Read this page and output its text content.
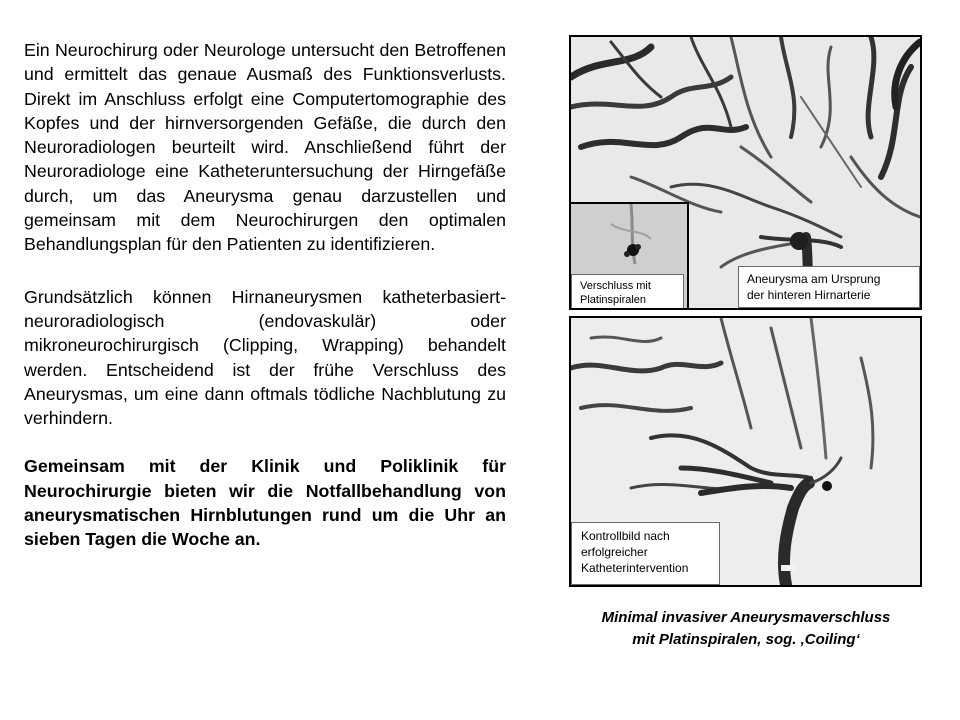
Ein Neurochirurg oder Neurologe untersucht den Betroffenen und ermittelt das genaue Ausmaß des Funktionsverlusts. Direkt im Anschluss erfolgt eine Computertomographie des Kopfes und der hirnversorgenden Gefäße, die durch den Neuroradiologen beurteilt wird. Anschließend führt der Neuroradiologe eine Katheteruntersuchung der Hirngefäße durch, um das Aneurysma genau darzustellen und gemeinsam mit dem Neurochirurgen den optimalen Behandlungsplan für den Patienten zu identifizieren.

Grundsätzlich können Hirnaneurysmen katheterbasiert-neuroradiologisch (endovaskulär) oder mikroneurochirurgisch (Clipping, Wrapping) behandelt werden. Entscheidend ist der frühe Verschluss des Aneurysmas, um eine dann oftmals tödliche Nachblutung zu verhindern.

Gemeinsam mit der Klinik und Poliklinik für Neurochirurgie bieten wir die Notfallbehandlung von aneurysmatischen Hirnblutungen rund um die Uhr an sieben Tagen die Woche an.

Verschluss mit
Platinspiralen
Aneurysma am Ursprung
der hinteren Hirnarterie
Kontrollbild nach
erfolgreicher
Katheterintervention
Minimal invasiver Aneurysmaverschluss
mit Platinspiralen, sog. ‚Coiling‘
